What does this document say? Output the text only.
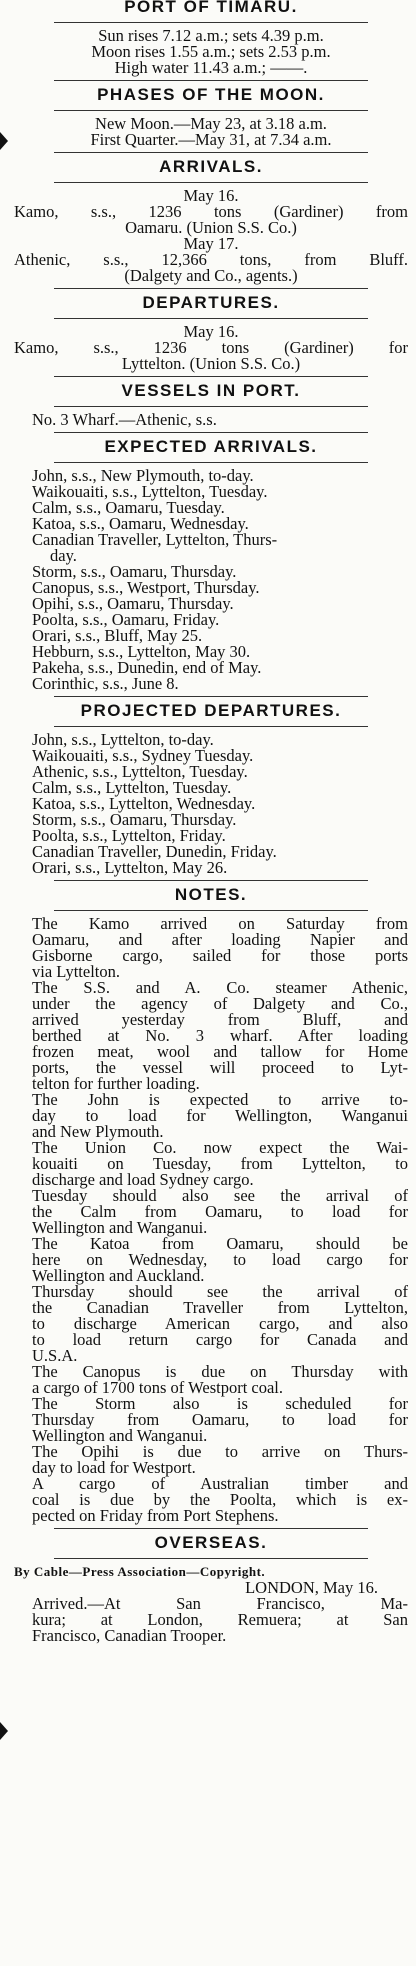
PORT OF TIMARU.
Sun rises 7.12 a.m.; sets 4.39 p.m.
Moon rises 1.55 a.m.; sets 2.53 p.m.
High water 11.43 a.m.; ——.
PHASES OF THE MOON.
New Moon.—May 23, at 3.18 a.m.
First Quarter.—May 31, at 7.34 a.m.
ARRIVALS.
May 16.
Kamo, s.s., 1236 tons (Gardiner) from
Oamaru. (Union S.S. Co.)
May 17.
Athenic, s.s., 12,366 tons, from Bluff.
(Dalgety and Co., agents.)
DEPARTURES.
May 16.
Kamo, s.s., 1236 tons (Gardiner) for
Lyttelton. (Union S.S. Co.)
VESSELS IN PORT.
No. 3 Wharf.—Athenic, s.s.
EXPECTED ARRIVALS.
John, s.s., New Plymouth, to-day.
Waikouaiti, s.s., Lyttelton, Tuesday.
Calm, s.s., Oamaru, Tuesday.
Katoa, s.s., Oamaru, Wednesday.
Canadian Traveller, Lyttelton, Thurs-
day.
Storm, s.s., Oamaru, Thursday.
Canopus, s.s., Westport, Thursday.
Opihi, s.s., Oamaru, Thursday.
Poolta, s.s., Oamaru, Friday.
Orari, s.s., Bluff, May 25.
Hebburn, s.s., Lyttelton, May 30.
Pakeha, s.s., Dunedin, end of May.
Corinthic, s.s., June 8.
PROJECTED DEPARTURES.
John, s.s., Lyttelton, to-day.
Waikouaiti, s.s., Sydney Tuesday.
Athenic, s.s., Lyttelton, Tuesday.
Calm, s.s., Lyttelton, Tuesday.
Katoa, s.s., Lyttelton, Wednesday.
Storm, s.s., Oamaru, Thursday.
Poolta, s.s., Lyttelton, Friday.
Canadian Traveller, Dunedin, Friday.
Orari, s.s., Lyttelton, May 26.
NOTES.

The Kamo arrived on Saturday from
Oamaru, and after loading Napier and
Gisborne cargo, sailed for those ports
via Lyttelton.

The S.S. and A. Co. steamer Athenic,
under the agency of Dalgety and Co.,
arrived yesterday from Bluff, and
berthed at No. 3 wharf. After loading
frozen meat, wool and tallow for Home
ports, the vessel will proceed to Lyt-
telton for further loading.

The John is expected to arrive to-
day to load for Wellington, Wanganui
and New Plymouth.

The Union Co. now expect the Wai-
kouaiti on Tuesday, from Lyttelton, to
discharge and load Sydney cargo.

Tuesday should also see the arrival of
the Calm from Oamaru, to load for
Wellington and Wanganui.

The Katoa from Oamaru, should be
here on Wednesday, to load cargo for
Wellington and Auckland.

Thursday should see the arrival of
the Canadian Traveller from Lyttelton,
to discharge American cargo, and also
to load return cargo for Canada and
U.S.A.

The Canopus is due on Thursday with
a cargo of 1700 tons of Westport coal.

The Storm also is scheduled for
Thursday from Oamaru, to load for
Wellington and Wanganui.

The Opihi is due to arrive on Thurs-
day to load for Westport.

A cargo of Australian timber and
coal is due by the Poolta, which is ex-
pected on Friday from Port Stephens.

OVERSEAS.
By Cable—Press Association—Copyright.
LONDON, May 16.

Arrived.—At San Francisco, Ma-
kura; at London, Remuera; at San
Francisco, Canadian Trooper.
